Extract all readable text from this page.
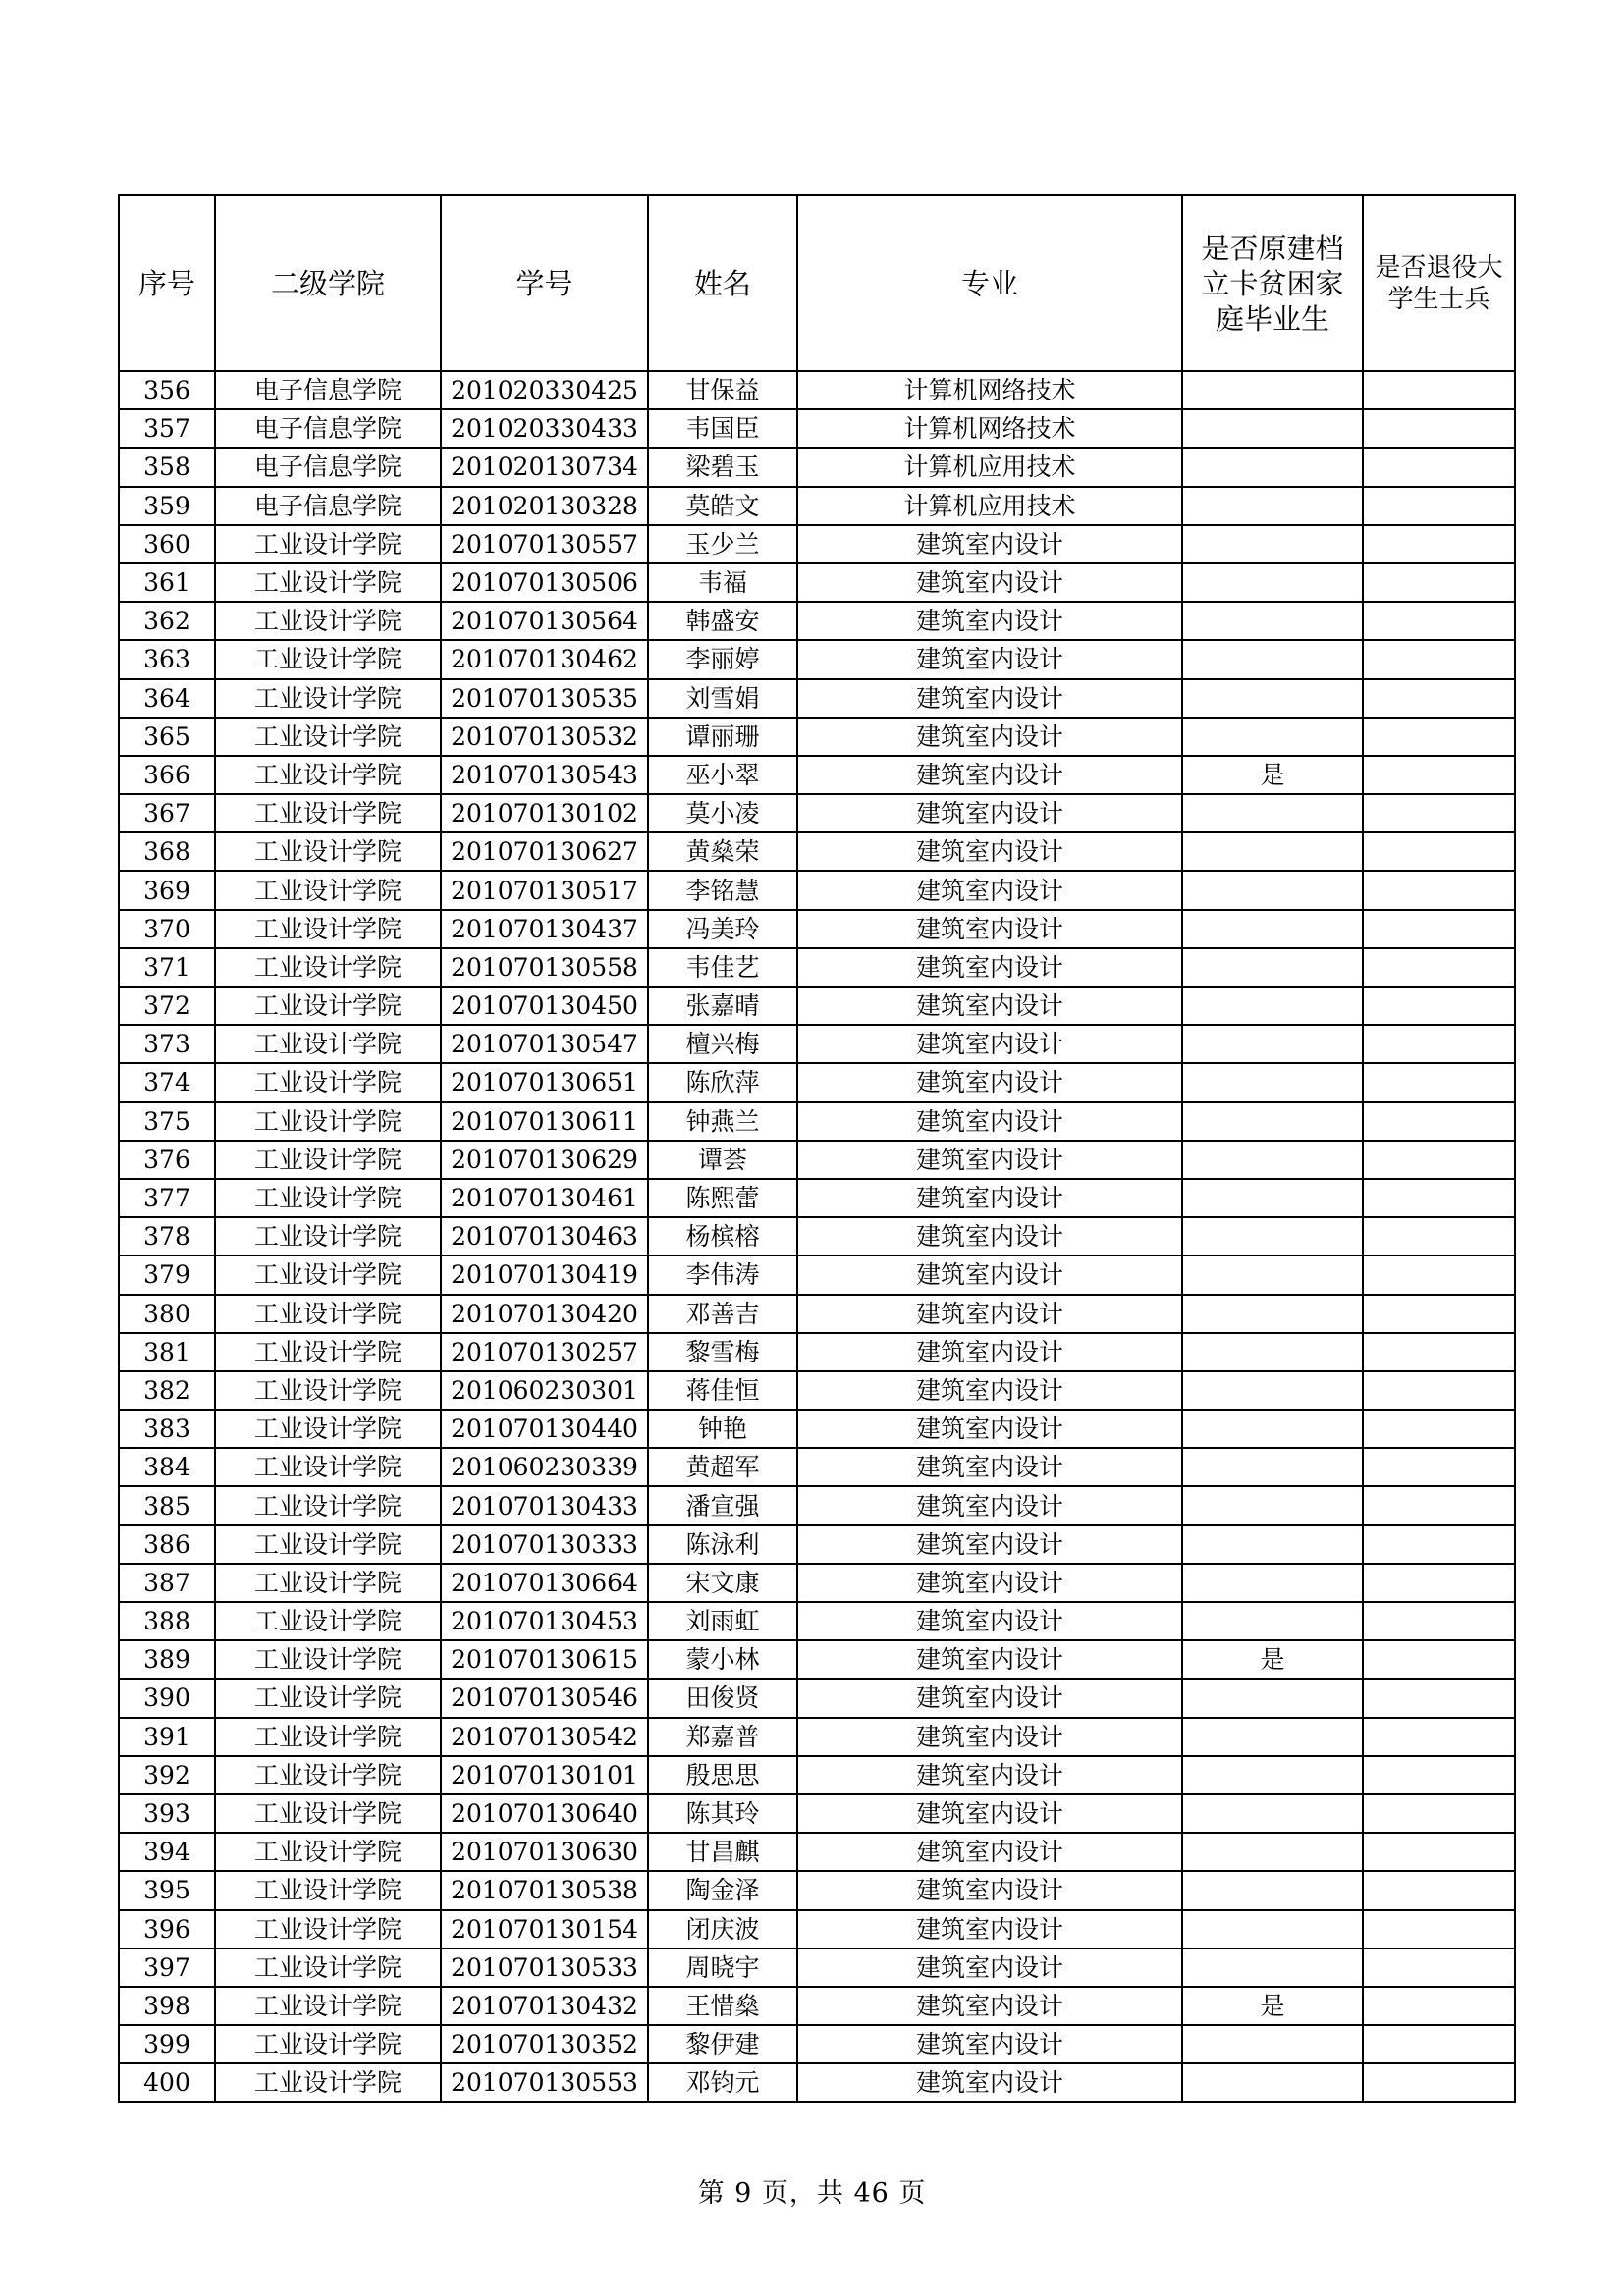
序号	二级学院	学号	姓名	专业	是否原建档立卡贫困家庭毕业生	是否退役大学生士兵
356	电子信息学院	201020330425	甘保益	计算机网络技术		
357	电子信息学院	201020330433	韦国臣	计算机网络技术		
358	电子信息学院	201020130734	梁碧玉	计算机应用技术		
359	电子信息学院	201020130328	莫皓文	计算机应用技术		
360	工业设计学院	201070130557	玉少兰	建筑室内设计		
361	工业设计学院	201070130506	韦福	建筑室内设计		
362	工业设计学院	201070130564	韩盛安	建筑室内设计		
363	工业设计学院	201070130462	李丽婷	建筑室内设计		
364	工业设计学院	201070130535	刘雪娟	建筑室内设计		
365	工业设计学院	201070130532	谭丽珊	建筑室内设计		
366	工业设计学院	201070130543	巫小翠	建筑室内设计	是	
367	工业设计学院	201070130102	莫小凌	建筑室内设计		
368	工业设计学院	201070130627	黄燊荣	建筑室内设计		
369	工业设计学院	201070130517	李铭慧	建筑室内设计		
370	工业设计学院	201070130437	冯美玲	建筑室内设计		
371	工业设计学院	201070130558	韦佳艺	建筑室内设计		
372	工业设计学院	201070130450	张嘉晴	建筑室内设计		
373	工业设计学院	201070130547	檀兴梅	建筑室内设计		
374	工业设计学院	201070130651	陈欣萍	建筑室内设计		
375	工业设计学院	201070130611	钟燕兰	建筑室内设计		
376	工业设计学院	201070130629	谭荟	建筑室内设计		
377	工业设计学院	201070130461	陈熙蕾	建筑室内设计		
378	工业设计学院	201070130463	杨槟榕	建筑室内设计		
379	工业设计学院	201070130419	李伟涛	建筑室内设计		
380	工业设计学院	201070130420	邓善吉	建筑室内设计		
381	工业设计学院	201070130257	黎雪梅	建筑室内设计		
382	工业设计学院	201060230301	蒋佳恒	建筑室内设计		
383	工业设计学院	201070130440	钟艳	建筑室内设计		
384	工业设计学院	201060230339	黄超军	建筑室内设计		
385	工业设计学院	201070130433	潘宣强	建筑室内设计		
386	工业设计学院	201070130333	陈泳利	建筑室内设计		
387	工业设计学院	201070130664	宋文康	建筑室内设计		
388	工业设计学院	201070130453	刘雨虹	建筑室内设计		
389	工业设计学院	201070130615	蒙小林	建筑室内设计	是	
390	工业设计学院	201070130546	田俊贤	建筑室内设计		
391	工业设计学院	201070130542	郑嘉普	建筑室内设计		
392	工业设计学院	201070130101	殷思思	建筑室内设计		
393	工业设计学院	201070130640	陈其玲	建筑室内设计		
394	工业设计学院	201070130630	甘昌麒	建筑室内设计		
395	工业设计学院	201070130538	陶金泽	建筑室内设计		
396	工业设计学院	201070130154	闭庆波	建筑室内设计		
397	工业设计学院	201070130533	周晓宇	建筑室内设计		
398	工业设计学院	201070130432	王惜燊	建筑室内设计	是	
399	工业设计学院	201070130352	黎伊建	建筑室内设计		
400	工业设计学院	201070130553	邓钧元	建筑室内设计		
第 9 页，共 46 页
